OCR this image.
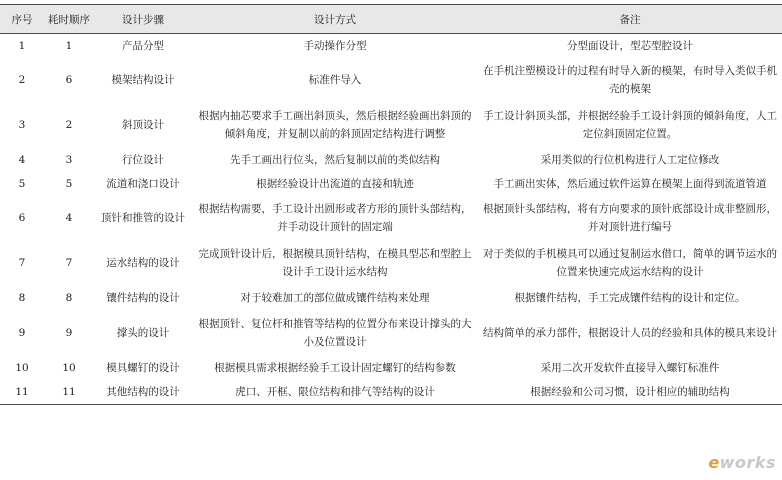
序号	耗时顺序	设计步骤	设计方式	备注
1	1	产品分型	手动操作分型	分型面设计，型芯型腔设计
2	6	模架结构设计	标准件导入	在手机注塑模设计的过程有时导入新的模架，有时导入类似手机壳的模架
3	2	斜顶设计	根据内抽芯要求手工画出斜顶头，然后根据经验画出斜顶的倾斜角度，并复制以前的斜顶固定结构进行调整	手工设计斜顶头部，并根据经验手工设计斜顶的倾斜角度，人工定位斜顶固定位置。
4	3	行位设计	先手工画出行位头，然后复制以前的类似结构	采用类似的行位机构进行人工定位修改
5	5	流道和浇口设计	根据经验设计出流道的直接和轨迹	手工画出实体，然后通过软件运算在模架上面得到流道管道
6	4	顶针和推管的设计	根据结构需要，手工设计出圆形或者方形的顶针头部结构，并手动设计顶针的固定端	根据顶针头部结构，将有方向要求的顶针底部设计成非整圆形，并对顶针进行编号
7	7	运水结构的设计	完成顶针设计后，根据模具顶针结构，在模具型芯和型腔上设计手工设计运水结构	对于类似的手机模具可以通过复制运水借口，简单的调节运水的位置来快速完成运水结构的设计
8	8	镶件结构的设计	对于较难加工的部位做成镶件结构来处理	根据镶件结构，手工完成镶件结构的设计和定位。
9	9	撑头的设计	根据顶针、复位杆和推管等结构的位置分布来设计撑头的大小及位置设计	结构简单的承力部件，根据设计人员的经验和具体的模具来设计
10	10	模具螺钉的设计	根据模具需求根据经验手工设计固定螺钉的结构参数	采用二次开发软件直接导入螺钉标准件
11	11	其他结构的设计	虎口、开框、限位结构和排气等结构的设计	根据经验和公司习惯，设计相应的辅助结构
eworks
